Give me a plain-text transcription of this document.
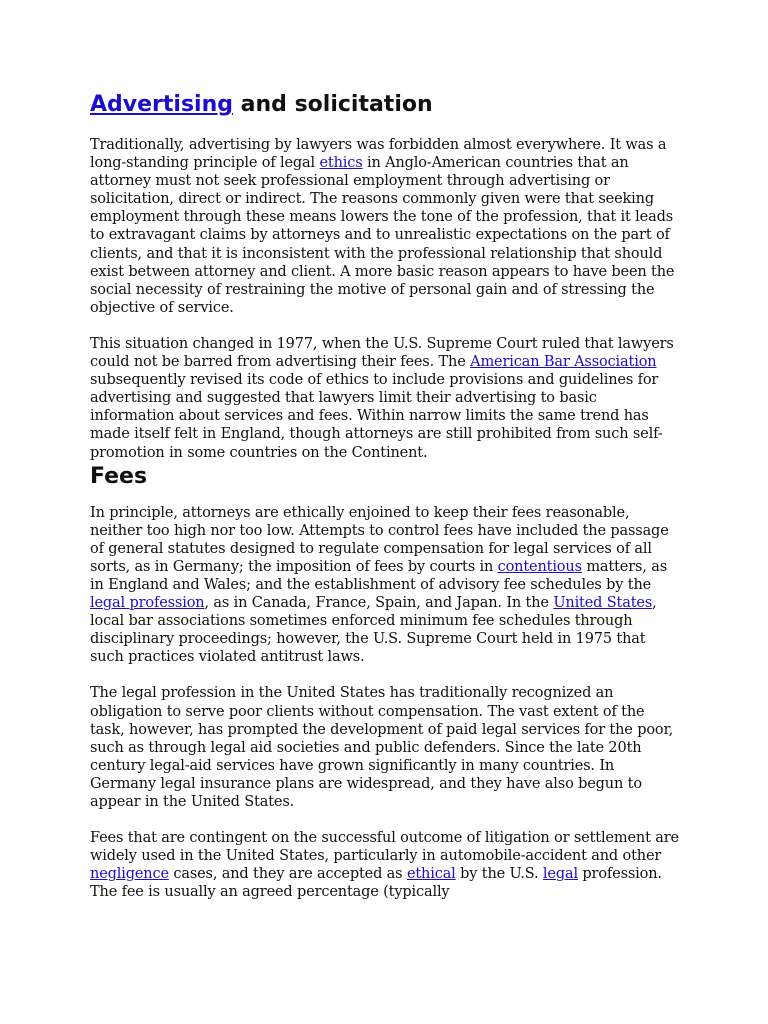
Advertising and solicitation

Traditionally, advertising by lawyers was forbidden almost everywhere. It was a long-standing principle of legal ethics in Anglo-American countries that an attorney must not seek professional employment through advertising or solicitation, direct or indirect. The reasons commonly given were that seeking employment through these means lowers the tone of the profession, that it leads to extravagant claims by attorneys and to unrealistic expectations on the part of clients, and that it is inconsistent with the professional relationship that should exist between attorney and client. A more basic reason appears to have been the social necessity of restraining the motive of personal gain and of stressing the objective of service.

This situation changed in 1977, when the U.S. Supreme Court ruled that lawyers could not be barred from advertising their fees. The American Bar Association subsequently revised its code of ethics to include provisions and guidelines for advertising and suggested that lawyers limit their advertising to basic information about services and fees. Within narrow limits the same trend has made itself felt in England, though attorneys are still prohibited from such self-promotion in some countries on the Continent.

Fees

In principle, attorneys are ethically enjoined to keep their fees reasonable, neither too high nor too low. Attempts to control fees have included the passage of general statutes designed to regulate compensation for legal services of all sorts, as in Germany; the imposition of fees by courts in contentious matters, as in England and Wales; and the establishment of advisory fee schedules by the legal profession, as in Canada, France, Spain, and Japan. In the United States, local bar associations sometimes enforced minimum fee schedules through disciplinary proceedings; however, the U.S. Supreme Court held in 1975 that such practices violated antitrust laws.

The legal profession in the United States has traditionally recognized an obligation to serve poor clients without compensation. The vast extent of the task, however, has prompted the development of paid legal services for the poor, such as through legal aid societies and public defenders. Since the late 20th century legal-aid services have grown significantly in many countries. In Germany legal insurance plans are widespread, and they have also begun to appear in the United States.

Fees that are contingent on the successful outcome of litigation or settlement are widely used in the United States, particularly in automobile-accident and other negligence cases, and they are accepted as ethical by the U.S. legal profession. The fee is usually an agreed percentage (typically
